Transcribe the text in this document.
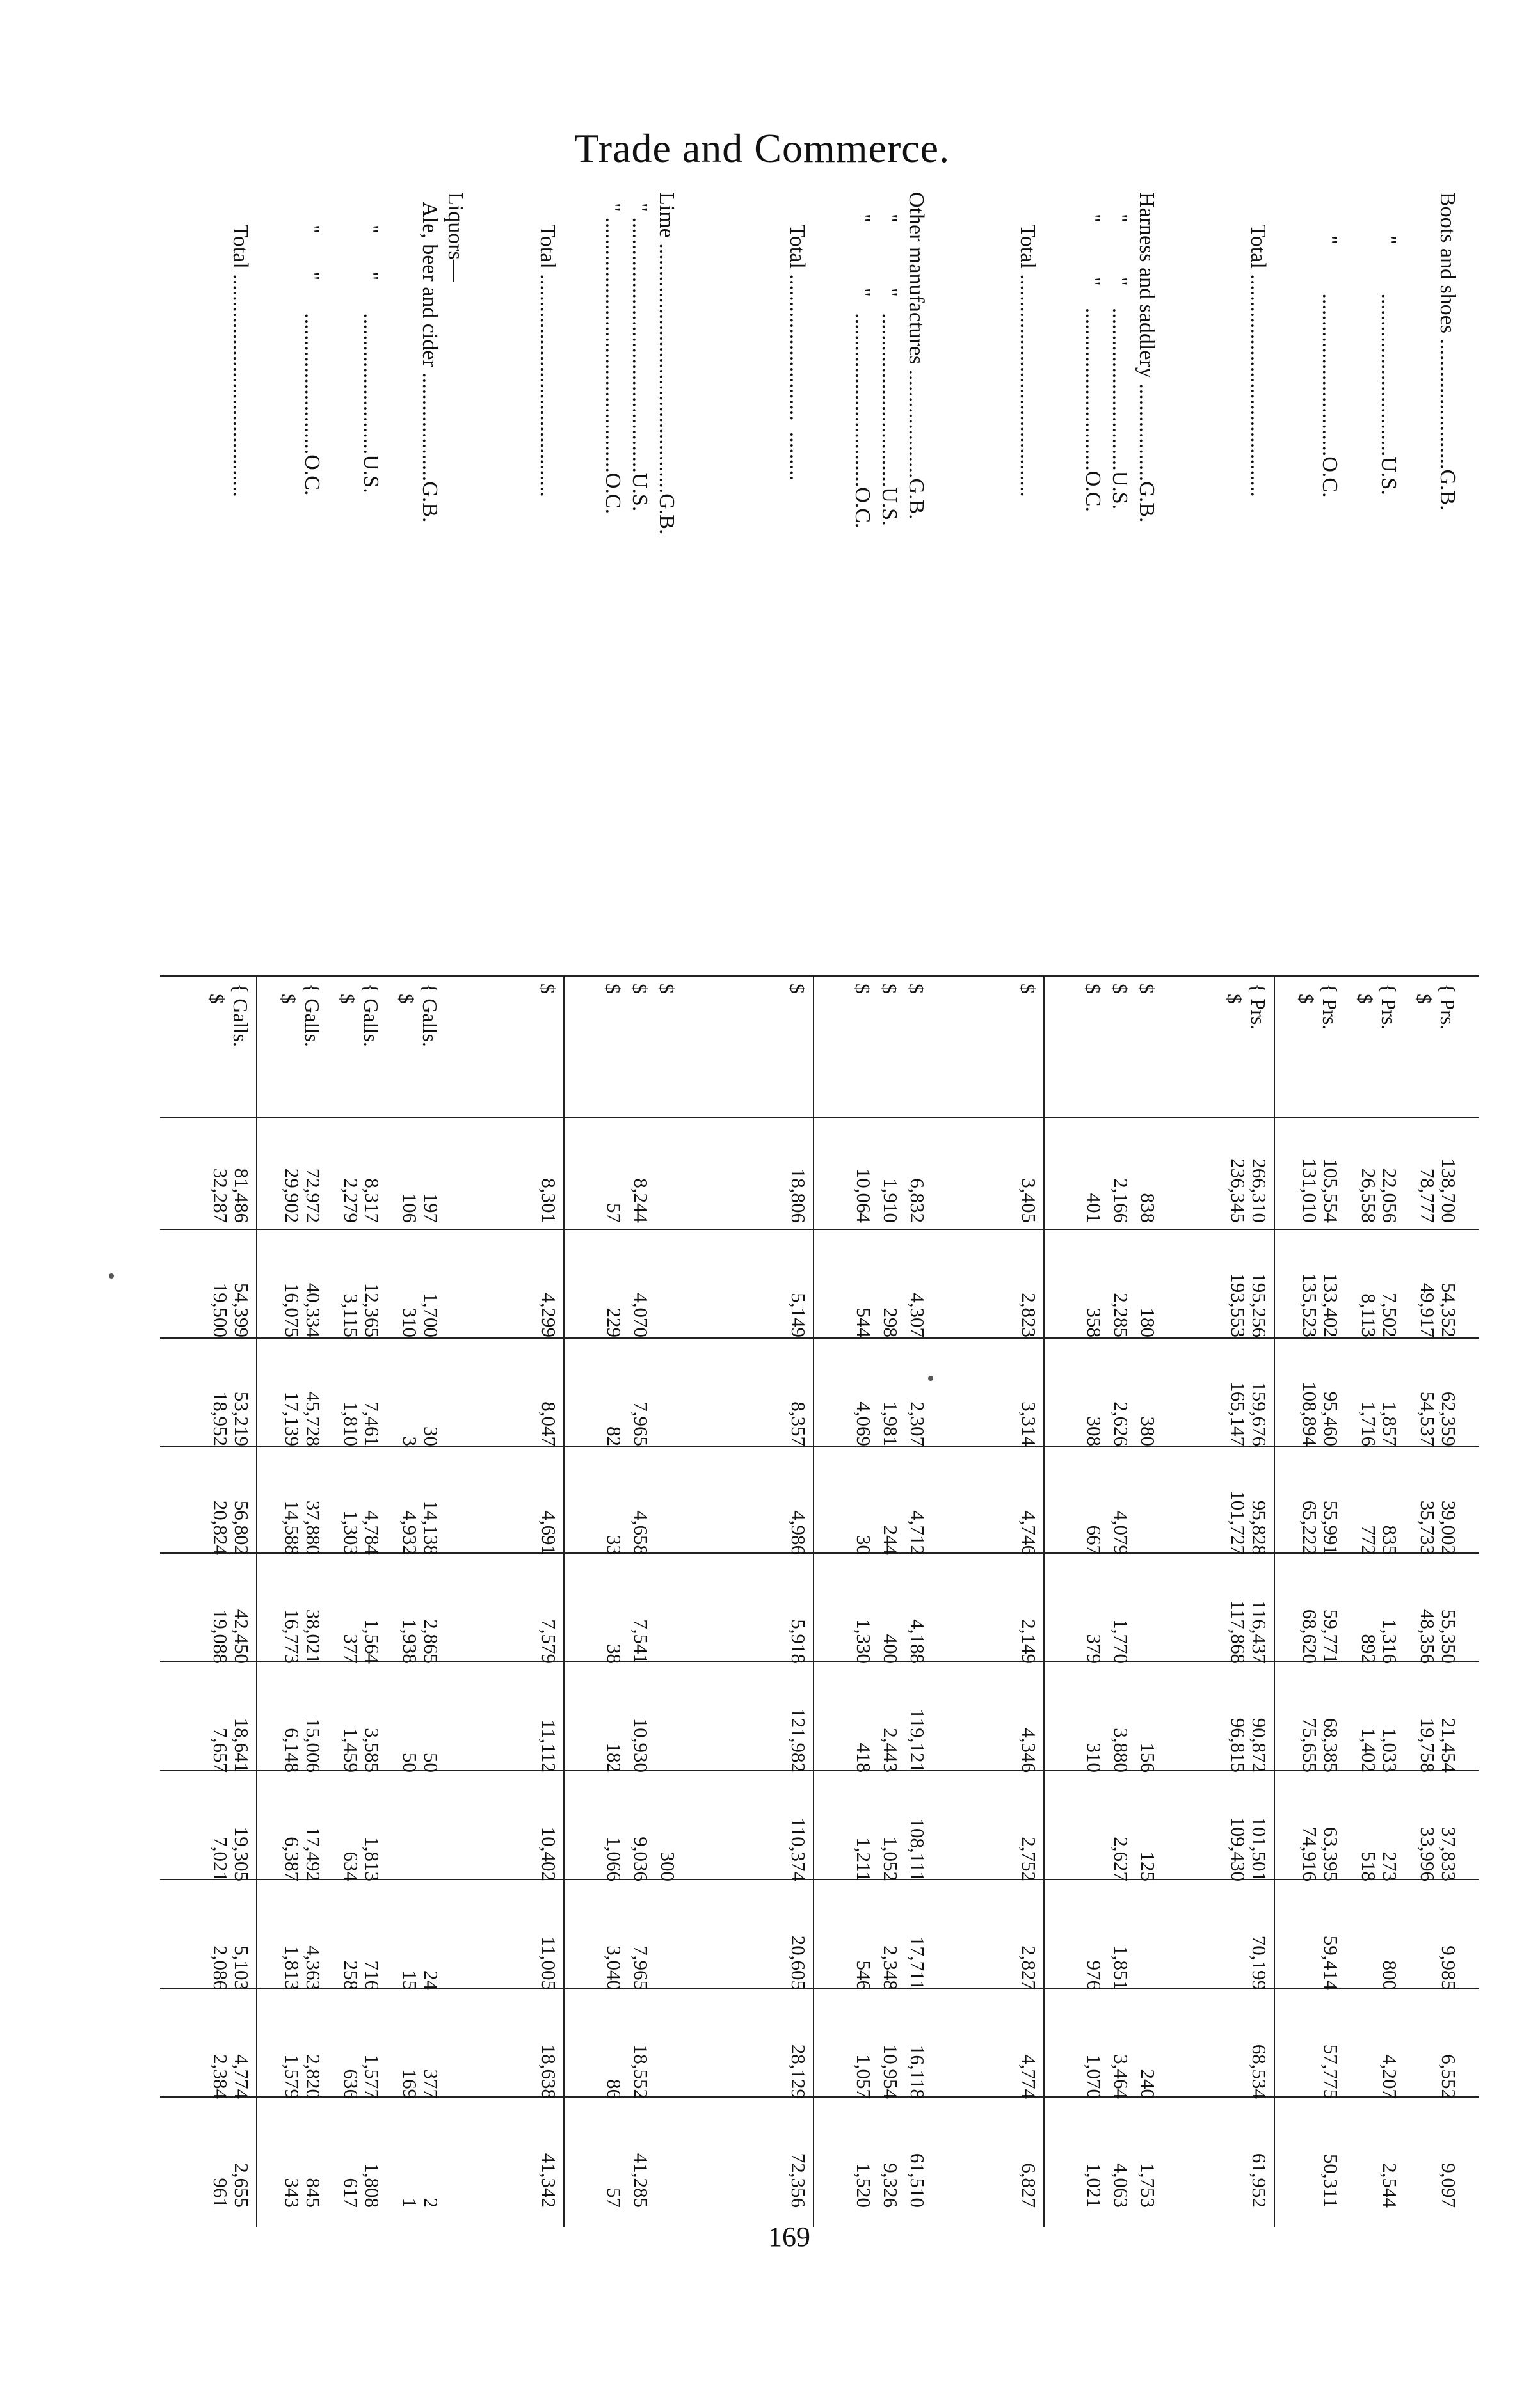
Trade and Commerce.
Boots and shoes ........................G.B.
{ Prs.
$
138,700
78,777
54,352
49,917
62,359
54,537
39,002
35,733
55,350
48,356
21,454
19,758
37,833
33,996
9,985
6,552
9,097
"         ..............................U.S.
{ Prs.
$
22,056
26,558
7,502
8,113
1,857
1,716
835
772
1,316
892
1,033
1,402
273
518
800
4,207
2,544
"         ..............................O.C.
{ Prs.
$
105,554
131,010
133,402
135,523
95,460
108,894
55,991
65,222
59,771
68,620
68,385
75,655
63,395
74,916
59,414
57,775
50,311
Total .........................................
{ Prs.
$
266,310
236,345
195,256
193,553
159,676
165,147
95,828
101,727
116,437
117,868
90,872
96,815
101,501
109,430
70,199
68,534
61,952
Harness and saddlery ..................G.B.
$
838
180
380
156
125
240
1,753
"          "    ..............................U.S.
$
2,166
2,285
2,626
4,079
1,770
3,880
2,627
1,851
3,464
4,063
"          "    ..............................O.C.
$
401
358
308
667
379
310
976
1,070
1,021
Total .........................................
$
3,405
2,823
3,314
4,746
2,149
4,346
2,752
2,827
4,774
6,827
Other manufactures ....................G.B.
$
6,832
4,307
2,307
4,712
4,188
119,121
108,111
17,711
16,118
61,510
"            "   ................................U.S.
$
1,910
298
1,981
244
400
2,443
1,052
2,348
10,954
9,326
"            "   ................................O.C.
$
10,064
544
4,069
30
1,330
418
1,211
546
1,057
1,520
Total ...........................  .........
$
18,806
5,149
8,357
4,986
5,918
121,982
110,374
20,605
28,129
72,356
Lime ..............................................G.B.
$
300
" ...............................................U.S.
$
8,244
4,070
7,965
4,658
7,541
10,930
9,036
7,965
18,552
41,285
" ...............................................O.C.
$
57
229
82
33
38
182
1,066
3,040
86
57
Total .........................................
$
8,301
4,299
8,047
4,691
7,579
11,112
10,402
11,005
18,638
41,342
Liquors—
Ale, beer and cider ....................G.B.
{ Galls.
$
197
106
1,700
310
30
3
14,138
4,932
2,865
1,938
50
50
24
15
377
169
2
1
"       "      ..........................U.S.
{ Galls.
$
8,317
2,279
12,365
3,115
7,461
1,810
4,784
1,303
1,564
377
3,585
1,459
1,813
634
716
258
1,577
636
1,808
617
"       "      ..........................O.C.
{ Galls.
$
72,972
29,902
40,334
16,075
45,728
17,139
37,880
14,588
38,021
16,773
15,006
6,148
17,492
6,387
4,363
1,813
2,820
1,579
845
343
Total .........................................
{ Galls.
$
81,486
32,287
54,399
19,500
53,219
18,952
56,802
20,824
42,450
19,088
18,641
7,657
19,305
7,021
5,103
2,086
4,774
2,384
2,655
961
169
